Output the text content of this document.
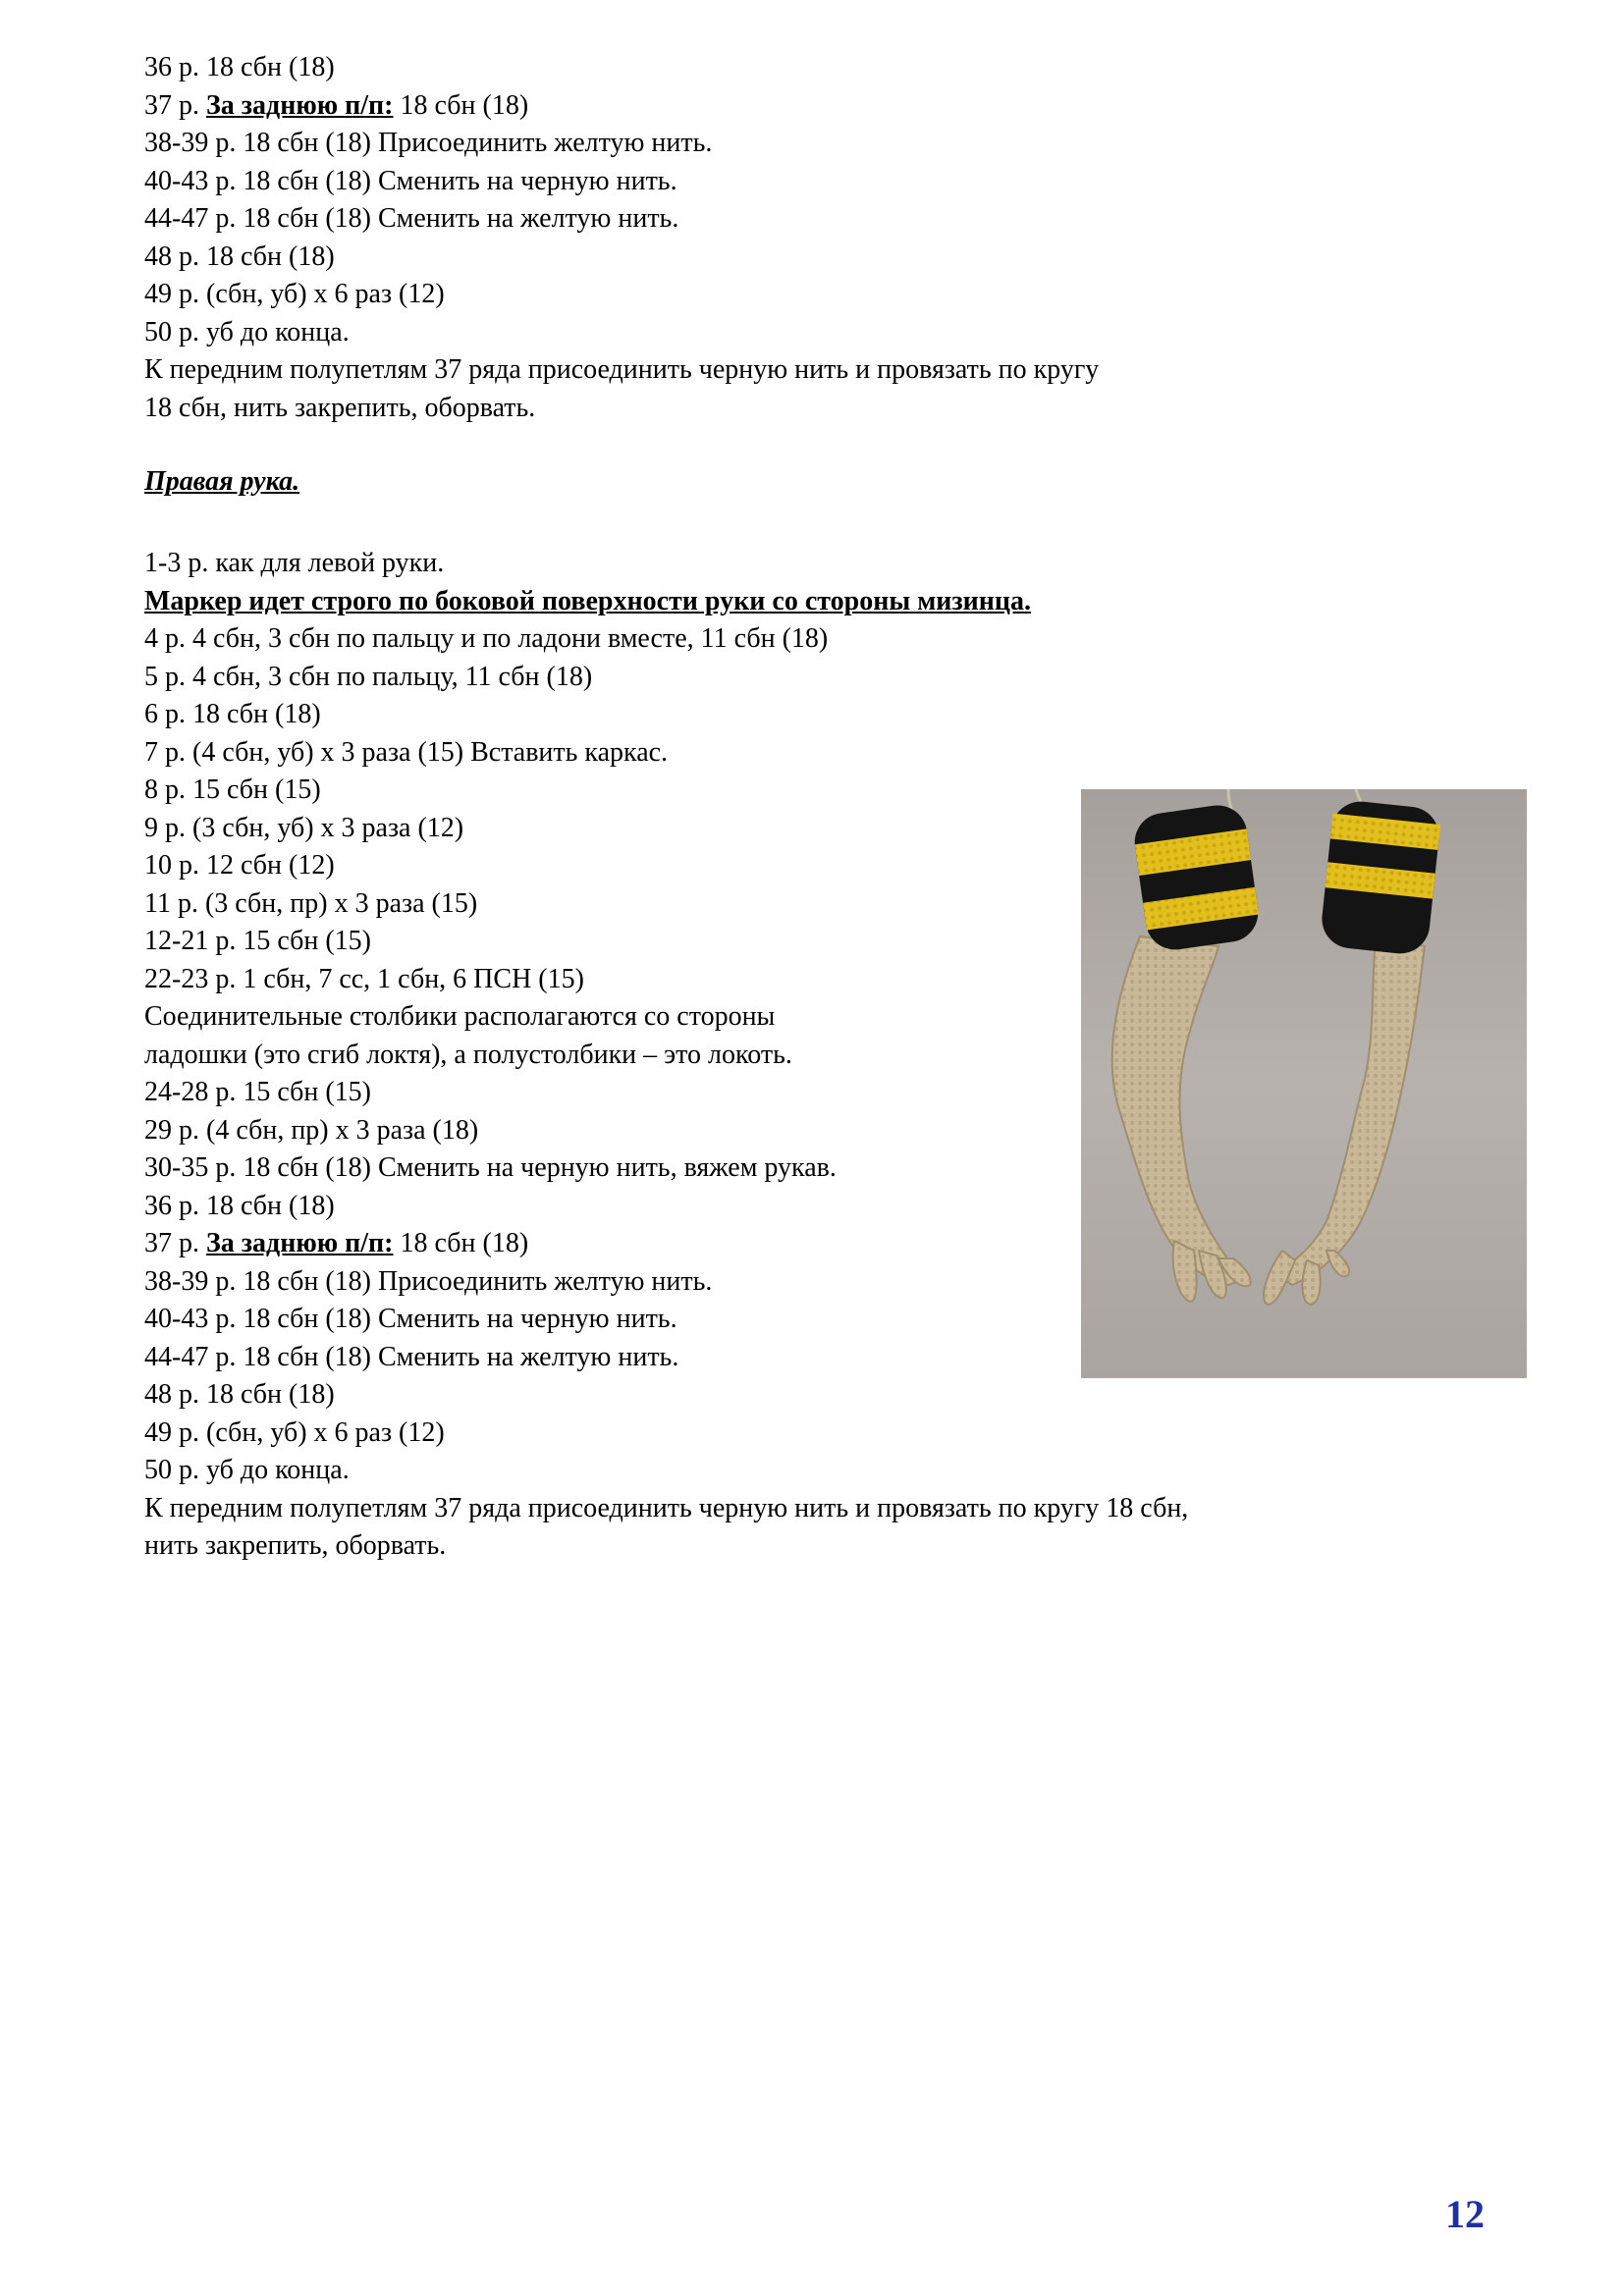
36 р. 18 сбн (18)
37 р. За заднюю п/п: 18 сбн (18)
38-39 р. 18 сбн (18) Присоединить желтую нить.
40-43 р. 18 сбн (18) Сменить на черную нить.
44-47 р. 18 сбн (18) Сменить на желтую нить.
48 р. 18 сбн (18)
49 р. (сбн, уб) х 6 раз (12)
50 р. уб до конца.
К передним полупетлям 37 ряда присоединить черную нить и провязать по кругу
18 сбн, нить закрепить, оборвать.
Правая рука.
1-3 р. как для левой руки.
Маркер идет строго по боковой поверхности руки со стороны мизинца.
4 р. 4 сбн, 3 сбн по пальцу и по ладони вместе, 11 сбн (18)
5 р. 4 сбн, 3 сбн по пальцу, 11 сбн (18)
6 р. 18 сбн (18)
7 р. (4 сбн, уб) х 3 раза (15) Вставить каркас.
8 р. 15 сбн (15)
9 р. (3 сбн, уб) х 3 раза (12)
10 р. 12 сбн (12)
11 р. (3 сбн, пр) х 3 раза (15)
12-21 р. 15 сбн (15)
22-23 р. 1 сбн, 7 сс, 1 сбн, 6 ПСН (15)
Соединительные столбики располагаются со стороны
ладошки (это сгиб локтя), а полустолбики – это локоть.
24-28 р. 15 сбн (15)
29 р. (4 сбн, пр) х 3 раза (18)
30-35 р. 18 сбн (18) Сменить на черную нить, вяжем рукав.
36 р. 18 сбн (18)
37 р. За заднюю п/п: 18 сбн (18)
38-39 р. 18 сбн (18) Присоединить желтую нить.
40-43 р. 18 сбн (18) Сменить на черную нить.
44-47 р. 18 сбн (18) Сменить на желтую нить.
48 р. 18 сбн (18)
49 р. (сбн, уб) х 6 раз (12)
50 р. уб до конца.
К передним полупетлям 37 ряда присоединить черную нить и провязать по кругу 18 сбн,
нить закрепить, оборвать.
12
